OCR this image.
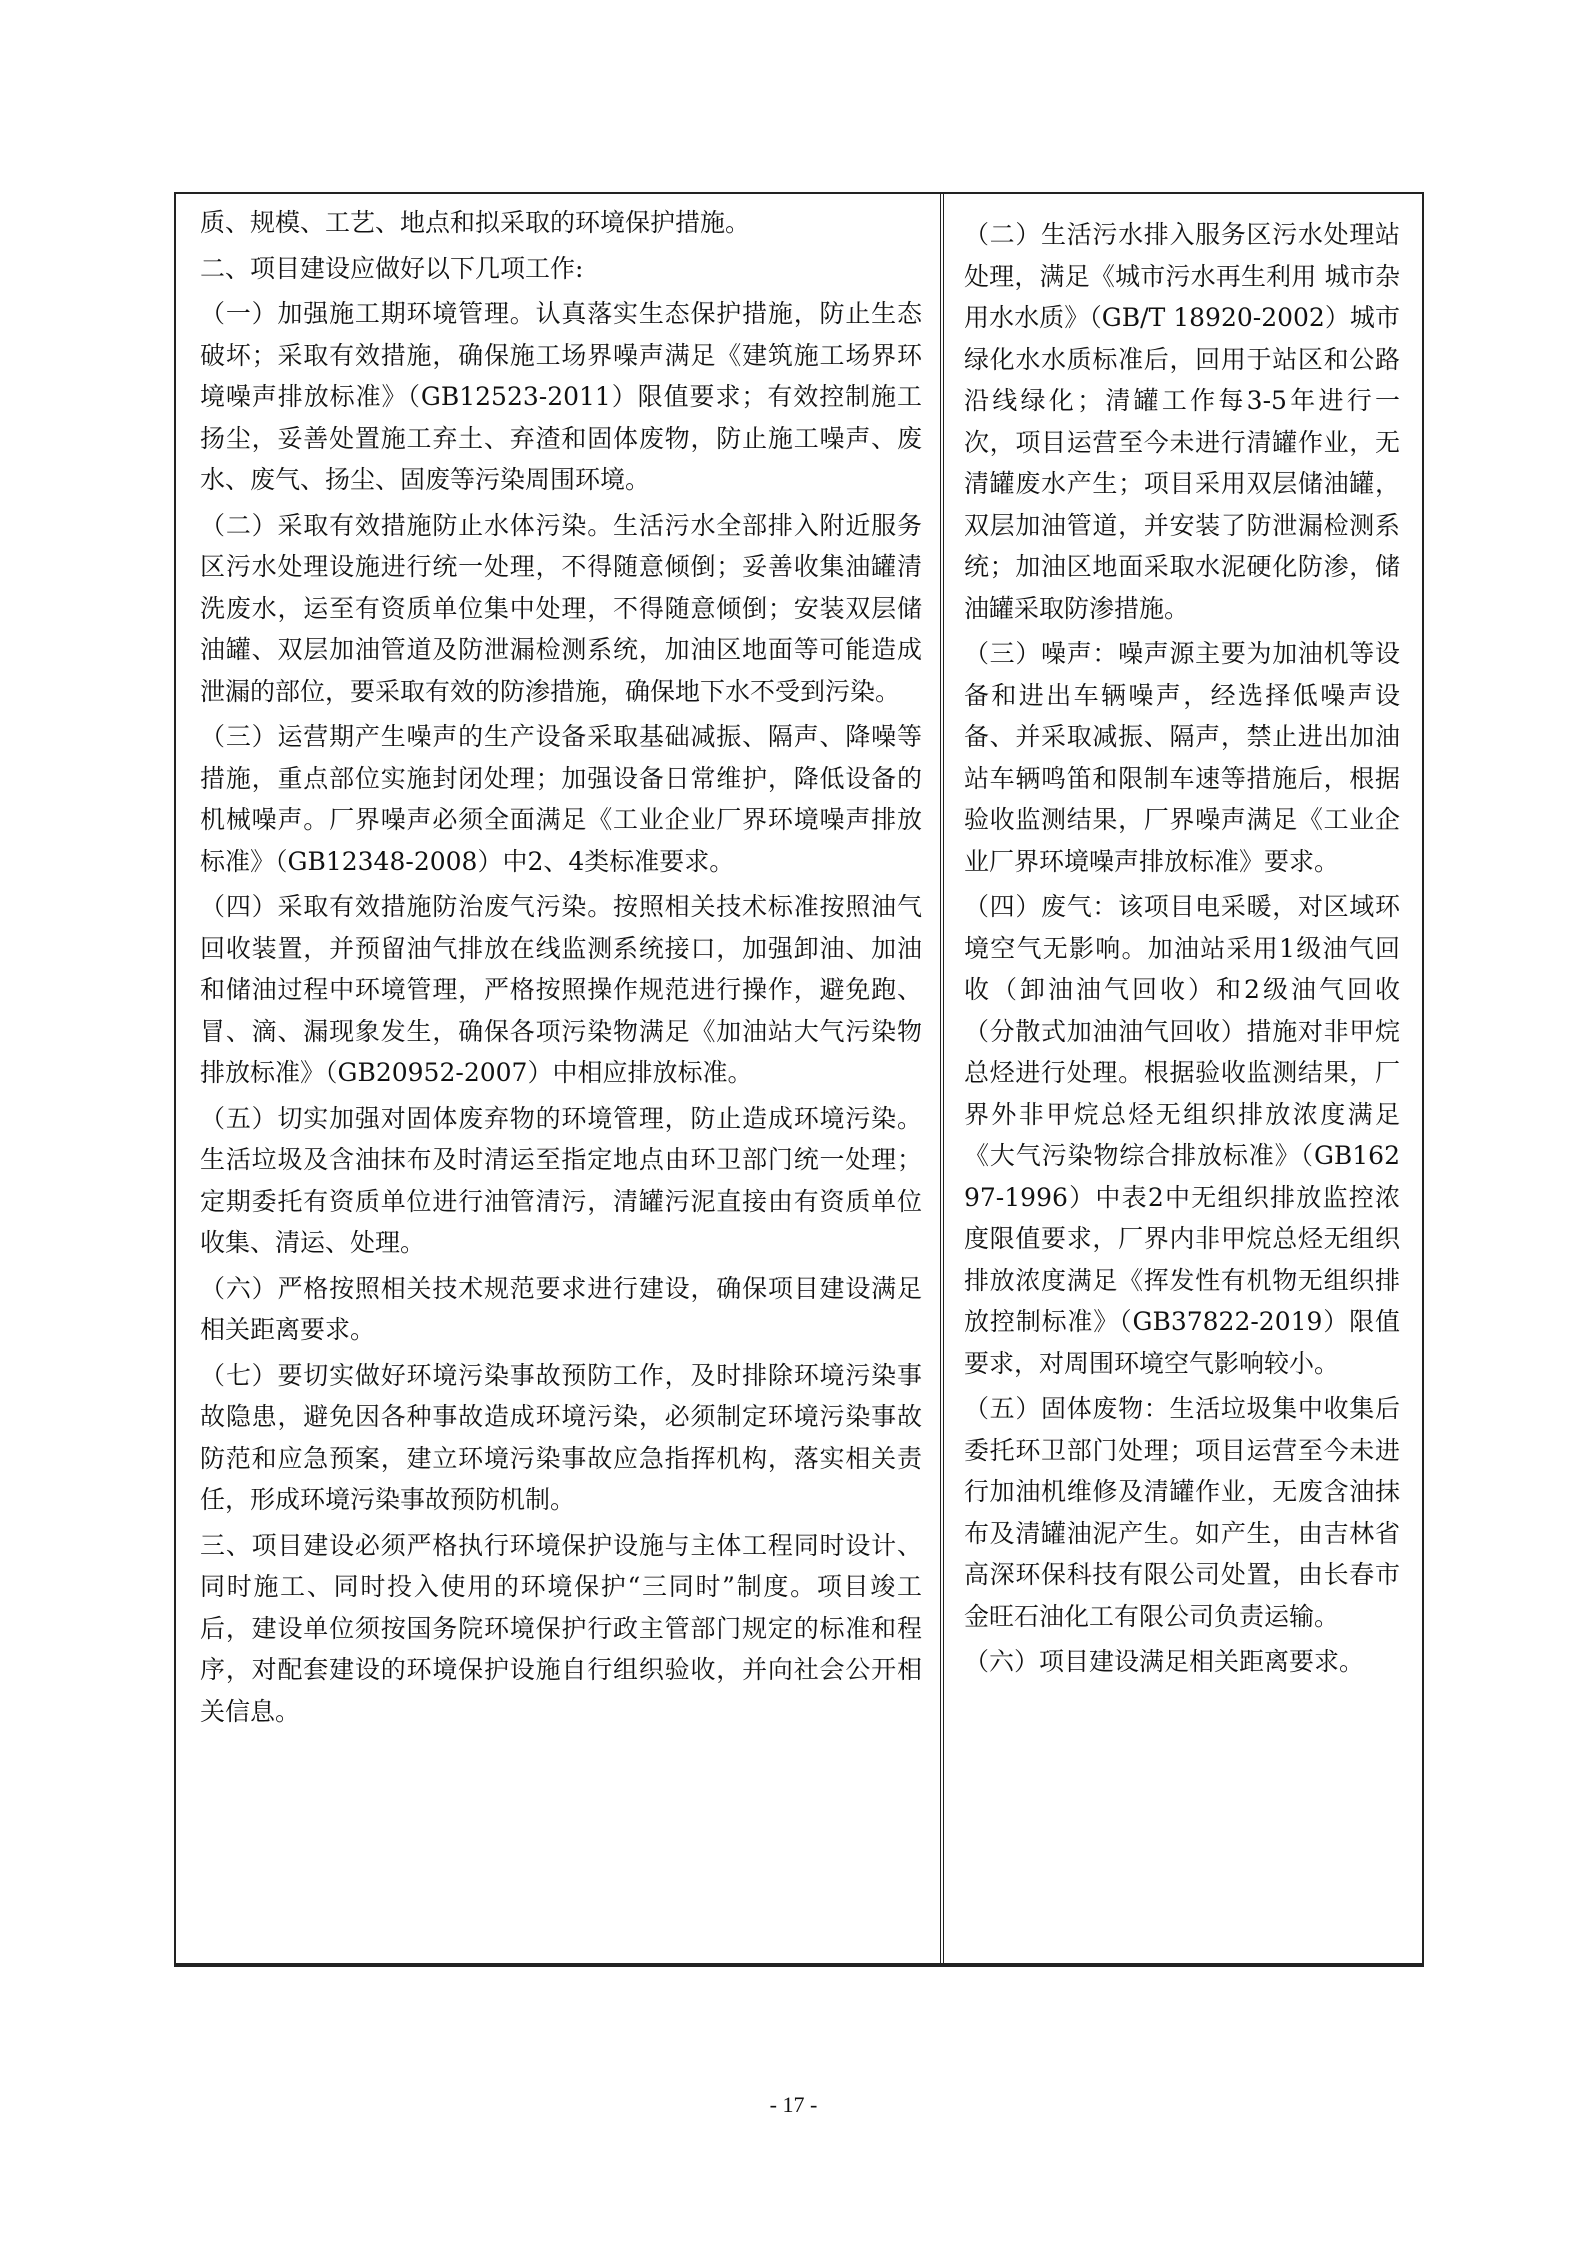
质、规模、工艺、地点和拟采取的环境保护措施。

二、项目建设应做好以下几项工作:

（一）加强施工期环境管理。认真落实生态保护措施，防止生态破坏；采取有效措施，确保施工场界噪声满足《建筑施工场界环境噪声排放标准》（GB12523-2011）限值要求；有效控制施工扬尘，妥善处置施工弃土、弃渣和固体废物，防止施工噪声、废水、废气、扬尘、固废等污染周围环境。

（二）采取有效措施防止水体污染。生活污水全部排入附近服务区污水处理设施进行统一处理，不得随意倾倒；妥善收集油罐清洗废水，运至有资质单位集中处理，不得随意倾倒；安装双层储油罐、双层加油管道及防泄漏检测系统，加油区地面等可能造成泄漏的部位，要采取有效的防渗措施，确保地下水不受到污染。

（三）运营期产生噪声的生产设备采取基础减振、隔声、降噪等措施，重点部位实施封闭处理；加强设备日常维护，降低设备的机械噪声。厂界噪声必须全面满足《工业企业厂界环境噪声排放标准》（GB12348-2008）中2、4类标准要求。

（四）采取有效措施防治废气污染。按照相关技术标准按照油气回收装置，并预留油气排放在线监测系统接口，加强卸油、加油和储油过程中环境管理，严格按照操作规范进行操作，避免跑、冒、滴、漏现象发生，确保各项污染物满足《加油站大气污染物排放标准》（GB20952-2007）中相应排放标准。

（五）切实加强对固体废弃物的环境管理，防止造成环境污染。生活垃圾及含油抹布及时清运至指定地点由环卫部门统一处理；定期委托有资质单位进行油管清污，清罐污泥直接由有资质单位收集、清运、处理。

（六）严格按照相关技术规范要求进行建设，确保项目建设满足相关距离要求。

（七）要切实做好环境污染事故预防工作，及时排除环境污染事故隐患，避免因各种事故造成环境污染，必须制定环境污染事故防范和应急预案，建立环境污染事故应急指挥机构，落实相关责任，形成环境污染事故预防机制。

三、项目建设必须严格执行环境保护设施与主体工程同时设计、同时施工、同时投入使用的环境保护“三同时”制度。项目竣工后，建设单位须按国务院环境保护行政主管部门规定的标准和程序，对配套建设的环境保护设施自行组织验收，并向社会公开相关信息。

（二）生活污水排入服务区污水处理站处理，满足《城市污水再生利用 城市杂用水水质》（GB/T 18920-2002）城市绿化水水质标准后，回用于站区和公路沿线绿化；清罐工作每3-5年进行一次，项目运营至今未进行清罐作业，无清罐废水产生；项目采用双层储油罐，双层加油管道，并安装了防泄漏检测系统；加油区地面采取水泥硬化防渗，储油罐采取防渗措施。

（三）噪声：噪声源主要为加油机等设备和进出车辆噪声，经选择低噪声设备、并采取减振、隔声，禁止进出加油站车辆鸣笛和限制车速等措施后，根据验收监测结果，厂界噪声满足《工业企业厂界环境噪声排放标准》要求。

（四）废气：该项目电采暖，对区域环境空气无影响。加油站采用1级油气回收（卸油油气回收）和2级油气回收（分散式加油油气回收）措施对非甲烷总烃进行处理。根据验收监测结果，厂界外非甲烷总烃无组织排放浓度满足《大气污染物综合排放标准》（GB16297-1996）中表2中无组织排放监控浓度限值要求，厂界内非甲烷总烃无组织排放浓度满足《挥发性有机物无组织排放控制标准》（GB37822-2019）限值要求，对周围环境空气影响较小。

（五）固体废物：生活垃圾集中收集后委托环卫部门处理；项目运营至今未进行加油机维修及清罐作业，无废含油抹布及清罐油泥产生。如产生，由吉林省高深环保科技有限公司处置，由长春市金旺石油化工有限公司负责运输。

（六）项目建设满足相关距离要求。

- 17 -
